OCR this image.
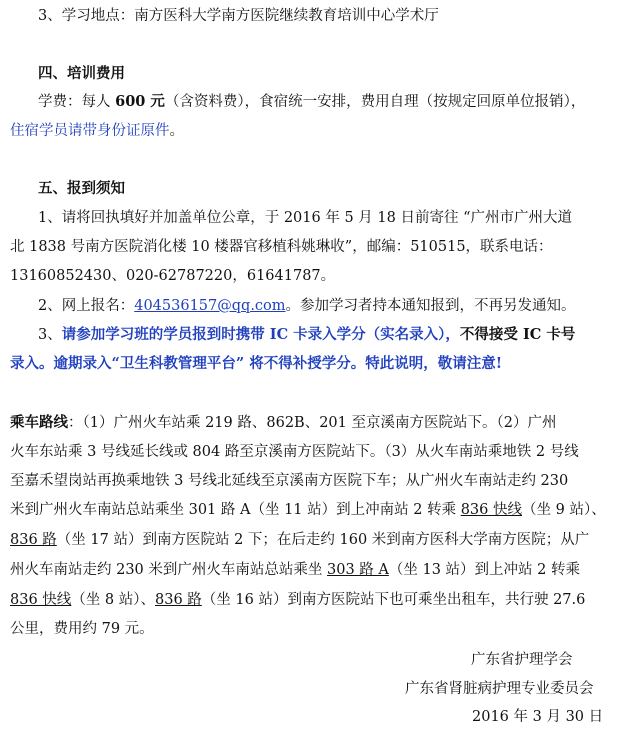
3、学习地点：南方医科大学南方医院继续教育培训中心学术厅
四、培训费用
学费：每人 600 元（含资料费），食宿统一安排，费用自理（按规定回原单位报销），
住宿学员请带身份证原件。
五、报到须知
1、请将回执填好并加盖单位公章，于 2016 年 5 月 18 日前寄往 “广州市广州大道
北 1838 号南方医院消化楼 10 楼器官移植科姚琳收”，邮编：510515，联系电话：
13160852430、020-62787220，61641787。
2、网上报名：404536157@qq.com。参加学习者持本通知报到，不再另发通知。
3、请参加学习班的学员报到时携带 IC 卡录入学分（实名录入），不得接受 IC 卡号
录入。逾期录入“卫生科教管理平台” 将不得补授学分。特此说明，敬请注意!
乘车路线：（1）广州火车站乘 219 路、862B、201 至京溪南方医院站下。（2）广州
火车东站乘 3 号线延长线或 804 路至京溪南方医院站下。（3）从火车南站乘地铁 2 号线
至嘉禾望岗站再换乘地铁 3 号线北延线至京溪南方医院下车；从广州火车南站走约 230
米到广州火车南站总站乘坐 301 路 A（坐 11 站）到上冲南站 2 转乘 836 快线（坐 9 站）、
836 路（坐 17 站）到南方医院站 2 下；在后走约 160 米到南方医科大学南方医院；从广
州火车南站走约 230 米到广州火车南站总站乘坐 303 路 A（坐 13 站）到上冲站 2 转乘
836 快线（坐 8 站）、836 路（坐 16 站）到南方医院站下也可乘坐出租车，共行驶 27.6
公里，费用约 79 元。
广东省护理学会
广东省肾脏病护理专业委员会
2016 年 3 月 30 日
